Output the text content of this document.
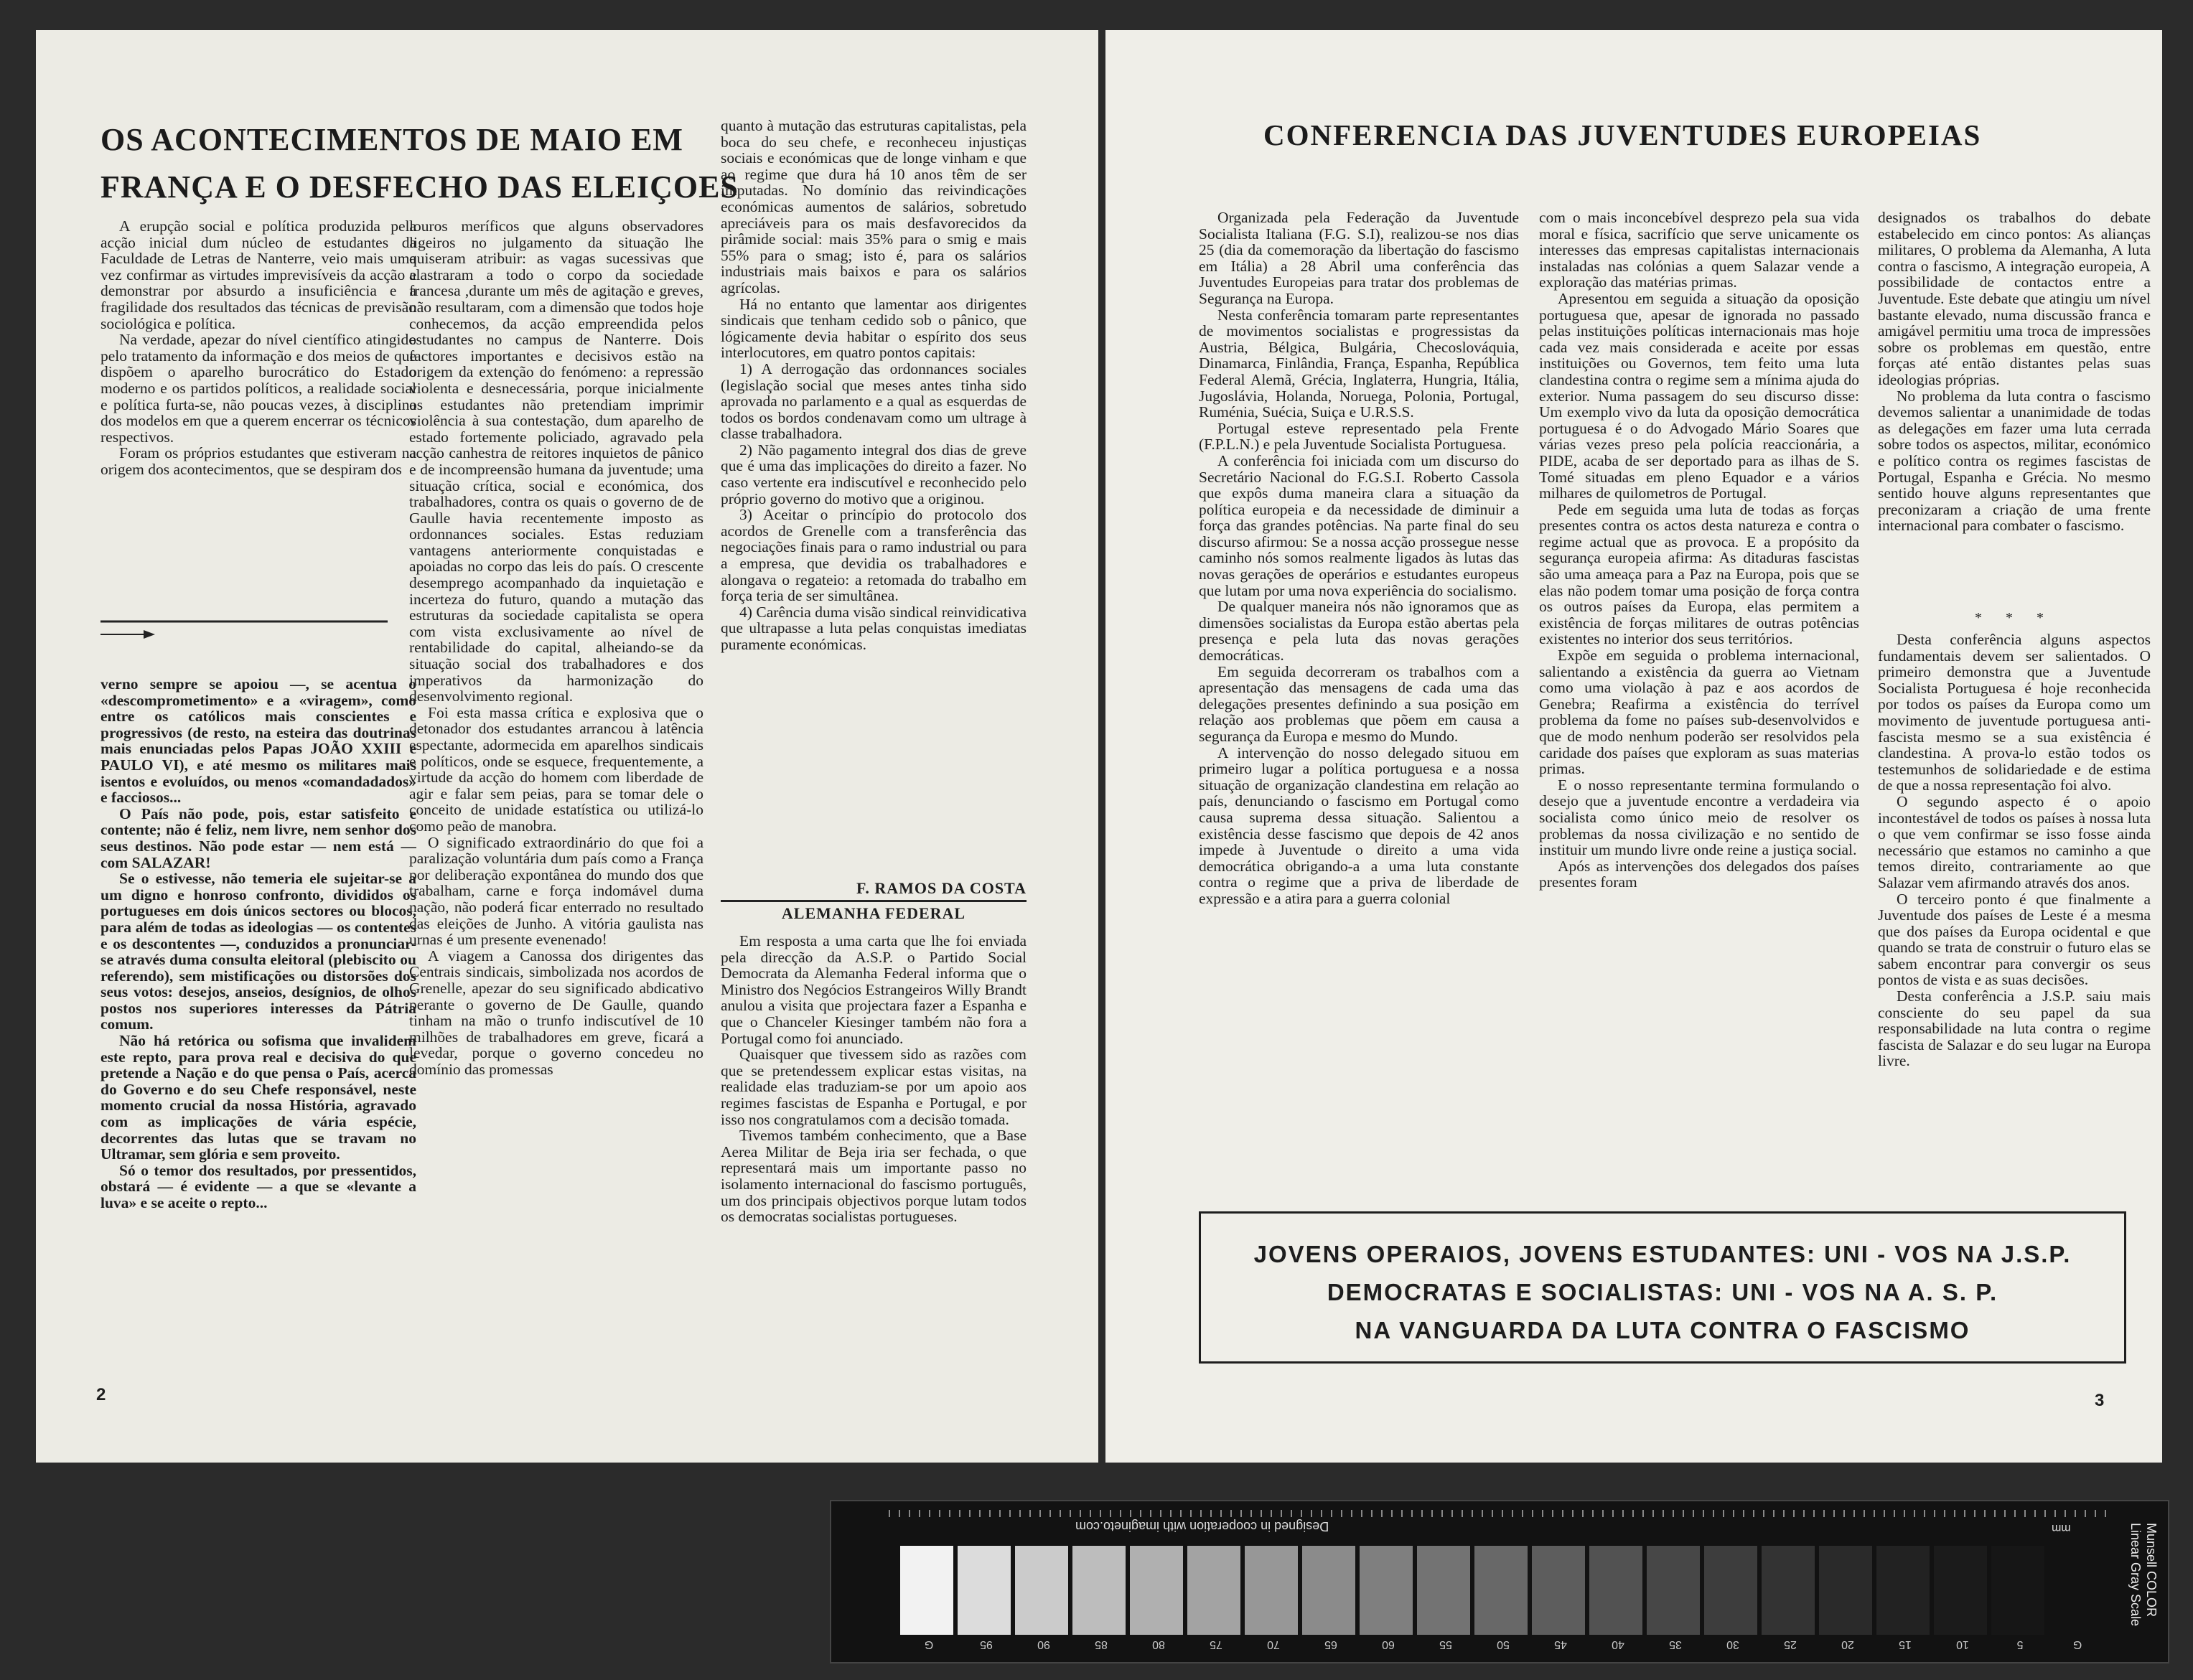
OS ACONTECIMENTOS DE MAIO EM
FRANÇA E O DESFECHO DAS ELEIÇOES

A erupção social e política produzida pela acção inicial dum núcleo de estudantes da Faculdade de Letras de Nanterre, veio mais uma vez confirmar as virtudes imprevisíveis da acção e demonstrar por absurdo a insuficiência e a fragilidade dos resultados das técnicas de previsão sociológica e política.

Na verdade, apezar do nível científico atingido pelo tratamento da informação e dos meios de que dispõem o aparelho burocrático do Estado moderno e os partidos políticos, a realidade social e política furta-se, não poucas vezes, à disciplina dos modelos em que a querem encerrar os técnicos respectivos.

Foram os próprios estudantes que estiveram na origem dos acontecimentos, que se despiram dos

verno sempre se apoiou —, se acentua o «descomprometimento» e a «viragem», como entre os católicos mais conscientes e progressivos (de resto, na esteira das doutrinas mais enunciadas pelos Papas JOÃO XXIII e PAULO VI), e até mesmo os militares mais isentos e evoluídos, ou menos «comandadados» e facciosos...

O País não pode, pois, estar satisfeito e contente; não é feliz, nem livre, nem senhor dos seus destinos. Não pode estar — nem está — com SALAZAR!

Se o estivesse, não temeria ele sujeitar-se a um digno e honroso confronto, divididos os portugueses em dois únicos sectores ou blocos, para além de todas as ideologias — os contentes e os descontentes —, conduzidos a pronunciar-se através duma consulta eleitoral (plebiscito ou referendo), sem mistificações ou distorsões dos seus votos: desejos, anseios, desígnios, de olhos postos nos superiores interesses da Pátria comum.

Não há retórica ou sofisma que invalidem este repto, para prova real e decisiva do que pretende a Nação e do que pensa o País, acerca do Governo e do seu Chefe responsável, neste momento crucial da nossa História, agravado com as implicações de vária espécie, decorrentes das lutas que se travam no Ultramar, sem glória e sem proveito.

Só o temor dos resultados, por pressentidos, obstará — é evidente — a que se «levante a luva» e se aceite o repto...

louros meríficos que alguns observadores ligeiros no julgamento da situação lhe quiseram atribuir: as vagas sucessivas que alastraram a todo o corpo da sociedade francesa ,durante um mês de agitação e greves, não resultaram, com a dimensão que todos hoje conhecemos, da acção empreendida pelos estudantes no campus de Nanterre. Dois factores importantes e decisivos estão na origem da extenção do fenómeno: a repressão violenta e desnecessária, porque inicialmente os estudantes não pretendiam imprimir violência à sua contestação, dum aparelho de estado fortemente policiado, agravado pela acção canhestra de reitores inquietos de pânico e de incompreensão humana da juventude; uma situação crítica, social e económica, dos trabalhadores, contra os quais o governo de de Gaulle havia recentemente imposto as ordonnances sociales. Estas reduziam vantagens anteriormente conquistadas e apoiadas no corpo das leis do país. O crescente desemprego acompanhado da inquietação e incerteza do futuro, quando a mutação das estruturas da sociedade capitalista se opera com vista exclusivamente ao nível de rentabilidade do capital, alheiando-se da situação social dos trabalhadores e dos imperativos da harmonização do desenvolvimento regional.

Foi esta massa crítica e explosiva que o detonador dos estudantes arrancou à latência espectante, adormecida em aparelhos sindicais e políticos, onde se esquece, frequentemente, a virtude da acção do homem com liberdade de agir e falar sem peias, para se tomar dele o conceito de unidade estatística ou utilizá-lo como peão de manobra.

O significado extraordinário do que foi a paralização voluntária dum país como a França por deliberação expontânea do mundo dos que trabalham, carne e força indomável duma nação, não poderá ficar enterrado no resultado das eleições de Junho. A vitória gaulista nas urnas é um presente evenenado!

A viagem a Canossa dos dirigentes das Centrais sindicais, simbolizada nos acordos de Grenelle, apezar do seu significado abdicativo perante o governo de De Gaulle, quando tinham na mão o trunfo indiscutível de 10 milhões de trabalhadores em greve, ficará a levedar, porque o governo concedeu no domínio das promessas

quanto à mutação das estruturas capitalistas, pela boca do seu chefe, e reconheceu injustiças sociais e económicas que de longe vinham e que ao regime que dura há 10 anos têm de ser imputadas. No domínio das reivindicações económicas aumentos de salários, sobretudo apreciáveis para os mais desfavorecidos da pirâmide social: mais 35% para o smig e mais 55% para o smag; isto é, para os salários industriais mais baixos e para os salários agrícolas.

Há no entanto que lamentar aos dirigentes sindicais que tenham cedido sob o pânico, que lógicamente devia habitar o espírito dos seus interlocutores, em quatro pontos capitais:

1) A derrogação das ordonnances sociales (legislação social que meses antes tinha sido aprovada no parlamento e a qual as esquerdas de todos os bordos condenavam como um ultrage à classe trabalhadora.

2) Não pagamento integral dos dias de greve que é uma das implicações do direito a fazer. No caso vertente era indiscutível e reconhecido pelo próprio governo do motivo que a originou.

3) Aceitar o princípio do protocolo dos acordos de Grenelle com a transferência das negociações finais para o ramo industrial ou para a empresa, que devidia os trabalhadores e alongava o regateio: a retomada do trabalho em força teria de ser simultânea.

4) Carência duma visão sindical reinvidicativa que ultrapasse a luta pelas conquistas imediatas puramente económicas.

F. RAMOS DA COSTA
ALEMANHA FEDERAL

Em resposta a uma carta que lhe foi enviada pela direcção da A.S.P. o Partido Social Democrata da Alemanha Federal informa que o Ministro dos Negócios Estrangeiros Willy Brandt anulou a visita que projectara fazer a Espanha e que o Chanceler Kiesinger também não fora a Portugal como foi anunciado.

Quaisquer que tivessem sido as razões com que se pretendessem explicar estas visitas, na realidade elas traduziam-se por um apoio aos regimes fascistas de Espanha e Portugal, e por isso nos congratulamos com a decisão tomada.

Tivemos também conhecimento, que a Base Aerea Militar de Beja iria ser fechada, o que representará mais um importante passo no isolamento internacional do fascismo português, um dos principais objectivos porque lutam todos os democratas socialistas portugueses.

2
CONFERENCIA DAS JUVENTUDES EUROPEIAS

Organizada pela Federação da Juventude Socialista Italiana (F.G. S.I), realizou-se nos dias 25 (dia da comemoração da libertação do fascismo em Itália) a 28 Abril uma conferência das Juventudes Europeias para tratar dos problemas de Segurança na Europa.

Nesta conferência tomaram parte representantes de movimentos socialistas e progressistas da Austria, Bélgica, Bulgária, Checoslováquia, Dinamarca, Finlândia, França, Espanha, República Federal Alemã, Grécia, Inglaterra, Hungria, Itália, Jugoslávia, Holanda, Noruega, Polonia, Portugal, Ruménia, Suécia, Suiça e U.R.S.S.

Portugal esteve representado pela Frente (F.P.L.N.) e pela Juventude Socialista Portuguesa.

A conferência foi iniciada com um discurso do Secretário Nacional do F.G.S.I. Roberto Cassola que expôs duma maneira clara a situação da política europeia e da necessidade de diminuir a força das grandes potências. Na parte final do seu discurso afirmou: Se a nossa acção prossegue nesse caminho nós somos realmente ligados às lutas das novas gerações de operários e estudantes europeus que lutam por uma nova experiência do socialismo.

De qualquer maneira nós não ignoramos que as dimensões socialistas da Europa estão abertas pela presença e pela luta das novas gerações democráticas.

Em seguida decorreram os trabalhos com a apresentação das mensagens de cada uma das delegações presentes definindo a sua posição em relação aos problemas que põem em causa a segurança da Europa e mesmo do Mundo.

A intervenção do nosso delegado situou em primeiro lugar a política portuguesa e a nossa situação de organização clandestina em relação ao país, denunciando o fascismo em Portugal como causa suprema dessa situação. Salientou a existência desse fascismo que depois de 42 anos impede à Juventude o direito a uma vida democrática obrigando-a a uma luta constante contra o regime que a priva de liberdade de expressão e a atira para a guerra colonial

com o mais inconcebível desprezo pela sua vida moral e física, sacrifício que serve unicamente os interesses das empresas capitalistas internacionais instaladas nas colónias a quem Salazar vende a exploração das matérias primas.

Apresentou em seguida a situação da oposição portuguesa que, apesar de ignorada no passado pelas instituições políticas internacionais mas hoje cada vez mais considerada e aceite por essas instituições ou Governos, tem feito uma luta clandestina contra o regime sem a mínima ajuda do exterior. Numa passagem do seu discurso disse: Um exemplo vivo da luta da oposição democrática portuguesa é o do Advogado Mário Soares que várias vezes preso pela polícia reaccionária, a PIDE, acaba de ser deportado para as ilhas de S. Tomé situadas em pleno Equador e a vários milhares de quilometros de Portugal.

Pede em seguida uma luta de todas as forças presentes contra os actos desta natureza e contra o regime actual que as provoca. E a propósito da segurança europeia afirma: As ditaduras fascistas são uma ameaça para a Paz na Europa, pois que se elas não podem tomar uma posição de força contra os outros países da Europa, elas permitem a existência de forças militares de outras potências existentes no interior dos seus territórios.

Expõe em seguida o problema internacional, salientando a existência da guerra ao Vietnam como uma violação à paz e aos acordos de Genebra; Reafirma a existência do terrível problema da fome no países sub-desenvolvidos e que de modo nenhum poderão ser resolvidos pela caridade dos países que exploram as suas materias primas.

E o nosso representante termina formulando o desejo que a juventude encontre a verdadeira via socialista como único meio de resolver os problemas da nossa civilização e no sentido de instituir um mundo livre onde reine a justiça social.

Após as intervenções dos delegados dos países presentes foram

designados os trabalhos do debate estabelecido em cinco pontos: As alianças militares, O problema da Alemanha, A luta contra o fascismo, A integração europeia, A possibilidade de contactos entre a Juventude. Este debate que atingiu um nível bastante elevado, numa discussão franca e amigável permitiu uma troca de impressões sobre os problemas em questão, entre forças até então distantes pelas suas ideologias próprias.

No problema da luta contra o fascismo devemos salientar a unanimidade de todas as delegações em fazer uma luta cerrada sobre todos os aspectos, militar, económico e político contra os regimes fascistas de Portugal, Espanha e Grécia. No mesmo sentido houve alguns representantes que preconizaram a criação de uma frente internacional para combater o fascismo.

* * *

Desta conferência alguns aspectos fundamentais devem ser salientados. O primeiro demonstra que a Juventude Socialista Portuguesa é hoje reconhecida por todos os países da Europa como um movimento de juventude portuguesa anti-fascista mesmo se a sua existência é clandestina. A prova-lo estão todos os testemunhos de solidariedade e de estima de que a nossa representação foi alvo.

O segundo aspecto é o apoio incontestável de todos os países à nossa luta o que vem confirmar se isso fosse ainda necessário que estamos no caminho a que temos direito, contrariamente ao que Salazar vem afirmando através dos anos.

O terceiro ponto é que finalmente a Juventude dos países de Leste é a mesma que dos países da Europa ocidental e que quando se trata de construir o futuro elas se sabem encontrar para convergir os seus pontos de vista e as suas decisões.

Desta conferência a J.S.P. saiu mais consciente do seu papel da sua responsabilidade na luta contra o regime fascista de Salazar e do seu lugar na Europa livre.

JOVENS OPERAIOS, JOVENS ESTUDANTES: UNI - VOS NA J.S.P.
DEMOCRATAS E SOCIALISTAS: UNI - VOS NA A. S. P.
NA VANGUARDA DA LUTA CONTRA O FASCISMO
3
Designed in cooperation with imagineto.com	mm
G
5
10
15
20
25
30
35
40
45
50
55
60
65
70
75
80
85
90
95
G
Munsell COLOR
Linear Gray Scale
